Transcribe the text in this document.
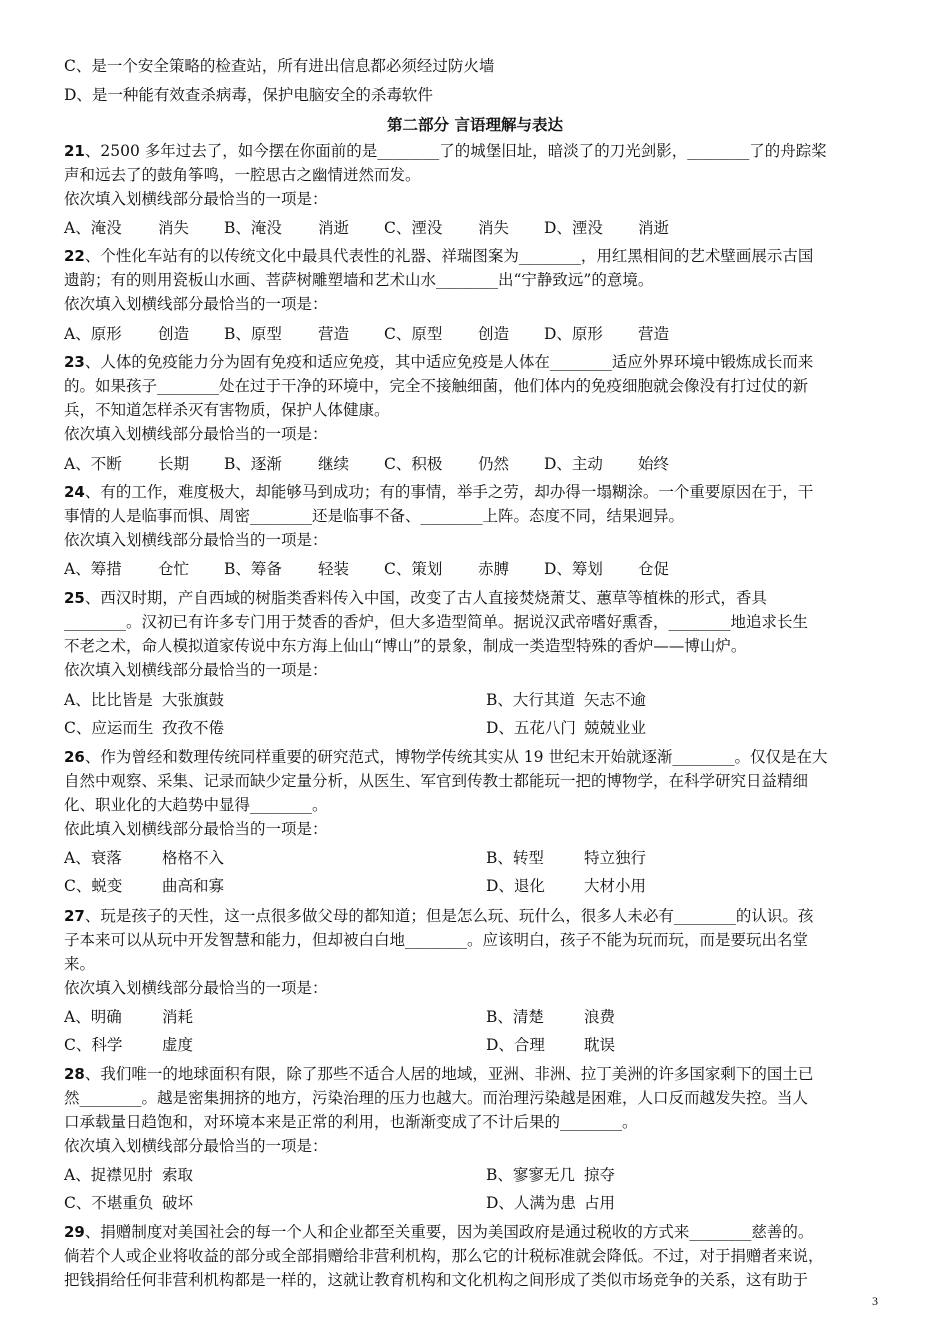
C、是一个安全策略的检查站，所有进出信息都必须经过防火墙
D、是一种能有效查杀病毒，保护电脑安全的杀毒软件
第二部分 言语理解与表达
21、2500 多年过去了，如今摆在你面前的是________了的城堡旧址，暗淡了的刀光剑影，________了的舟踪桨
声和远去了的鼓角筝鸣，一腔思古之幽情迸然而发。
依次填入划横线部分最恰当的一项是：
A、淹没 消失 B、淹没 消逝 C、湮没 消失 D、湮没 消逝
22、个性化车站有的以传统文化中最具代表性的礼器、祥瑞图案为________，用红黑相间的艺术壁画展示古国
遗韵；有的则用瓷板山水画、菩萨树雕塑墙和艺术山水________出“宁静致远”的意境。
依次填入划横线部分最恰当的一项是：
A、原形 创造 B、原型 营造 C、原型 创造 D、原形 营造
23、人体的免疫能力分为固有免疫和适应免疫，其中适应免疫是人体在________适应外界环境中锻炼成长而来
的。如果孩子________处在过于干净的环境中，完全不接触细菌，他们体内的免疫细胞就会像没有打过仗的新
兵，不知道怎样杀灭有害物质，保护人体健康。
依次填入划横线部分最恰当的一项是：
A、不断 长期 B、逐渐 继续 C、积极 仍然 D、主动 始终
24、有的工作，难度极大，却能够马到成功；有的事情，举手之劳，却办得一塌糊涂。一个重要原因在于，干
事情的人是临事而惧、周密________还是临事不备、________上阵。态度不同，结果迥异。
依次填入划横线部分最恰当的一项是：
A、筹措 仓忙 B、筹备 轻装 C、策划 赤膊 D、筹划 仓促
25、西汉时期，产自西域的树脂类香料传入中国，改变了古人直接焚烧萧艾、蕙草等植株的形式，香具
________。汉初已有许多专门用于焚香的香炉，但大多造型简单。据说汉武帝嗜好熏香，________地追求长生
不老之术，命人模拟道家传说中东方海上仙山“博山”的景象，制成一类造型特殊的香炉——博山炉。
依次填入划横线部分最恰当的一项是：
A、比比皆是 大张旗鼓	B、大行其道 矢志不逾
C、应运而生 孜孜不倦	D、五花八门 兢兢业业
26、作为曾经和数理传统同样重要的研究范式，博物学传统其实从 19 世纪末开始就逐渐________。仅仅是在大
自然中观察、采集、记录而缺少定量分析，从医生、军官到传教士都能玩一把的博物学，在科学研究日益精细
化、职业化的大趋势中显得________。
依此填入划横线部分最恰当的一项是：
A、衰落	格格不入	B、转型	特立独行
C、蜕变	曲高和寡	D、退化	大材小用
27、玩是孩子的天性，这一点很多做父母的都知道；但是怎么玩、玩什么，很多人未必有________的认识。孩
子本来可以从玩中开发智慧和能力，但却被白白地________。应该明白，孩子不能为玩而玩，而是要玩出名堂
来。
依次填入划横线部分最恰当的一项是：
A、明确	消耗	B、清楚	浪费
C、科学	虚度	D、合理	耽误
28、我们唯一的地球面积有限，除了那些不适合人居的地域，亚洲、非洲、拉丁美洲的许多国家剩下的国土已
然________。越是密集拥挤的地方，污染治理的压力也越大。而治理污染越是困难，人口反而越发失控。当人
口承载量日趋饱和，对环境本来是正常的利用，也渐渐变成了不计后果的________。
依次填入划横线部分最恰当的一项是：
A、捉襟见肘 索取	B、寥寥无几 掠夺
C、不堪重负 破坏	D、人满为患 占用
29、捐赠制度对美国社会的每一个人和企业都至关重要，因为美国政府是通过税收的方式来________慈善的。
倘若个人或企业将收益的部分或全部捐赠给非营利机构，那么它的计税标准就会降低。不过，对于捐赠者来说，
把钱捐给任何非营利机构都是一样的，这就让教育机构和文化机构之间形成了类似市场竞争的关系，这有助于
3
